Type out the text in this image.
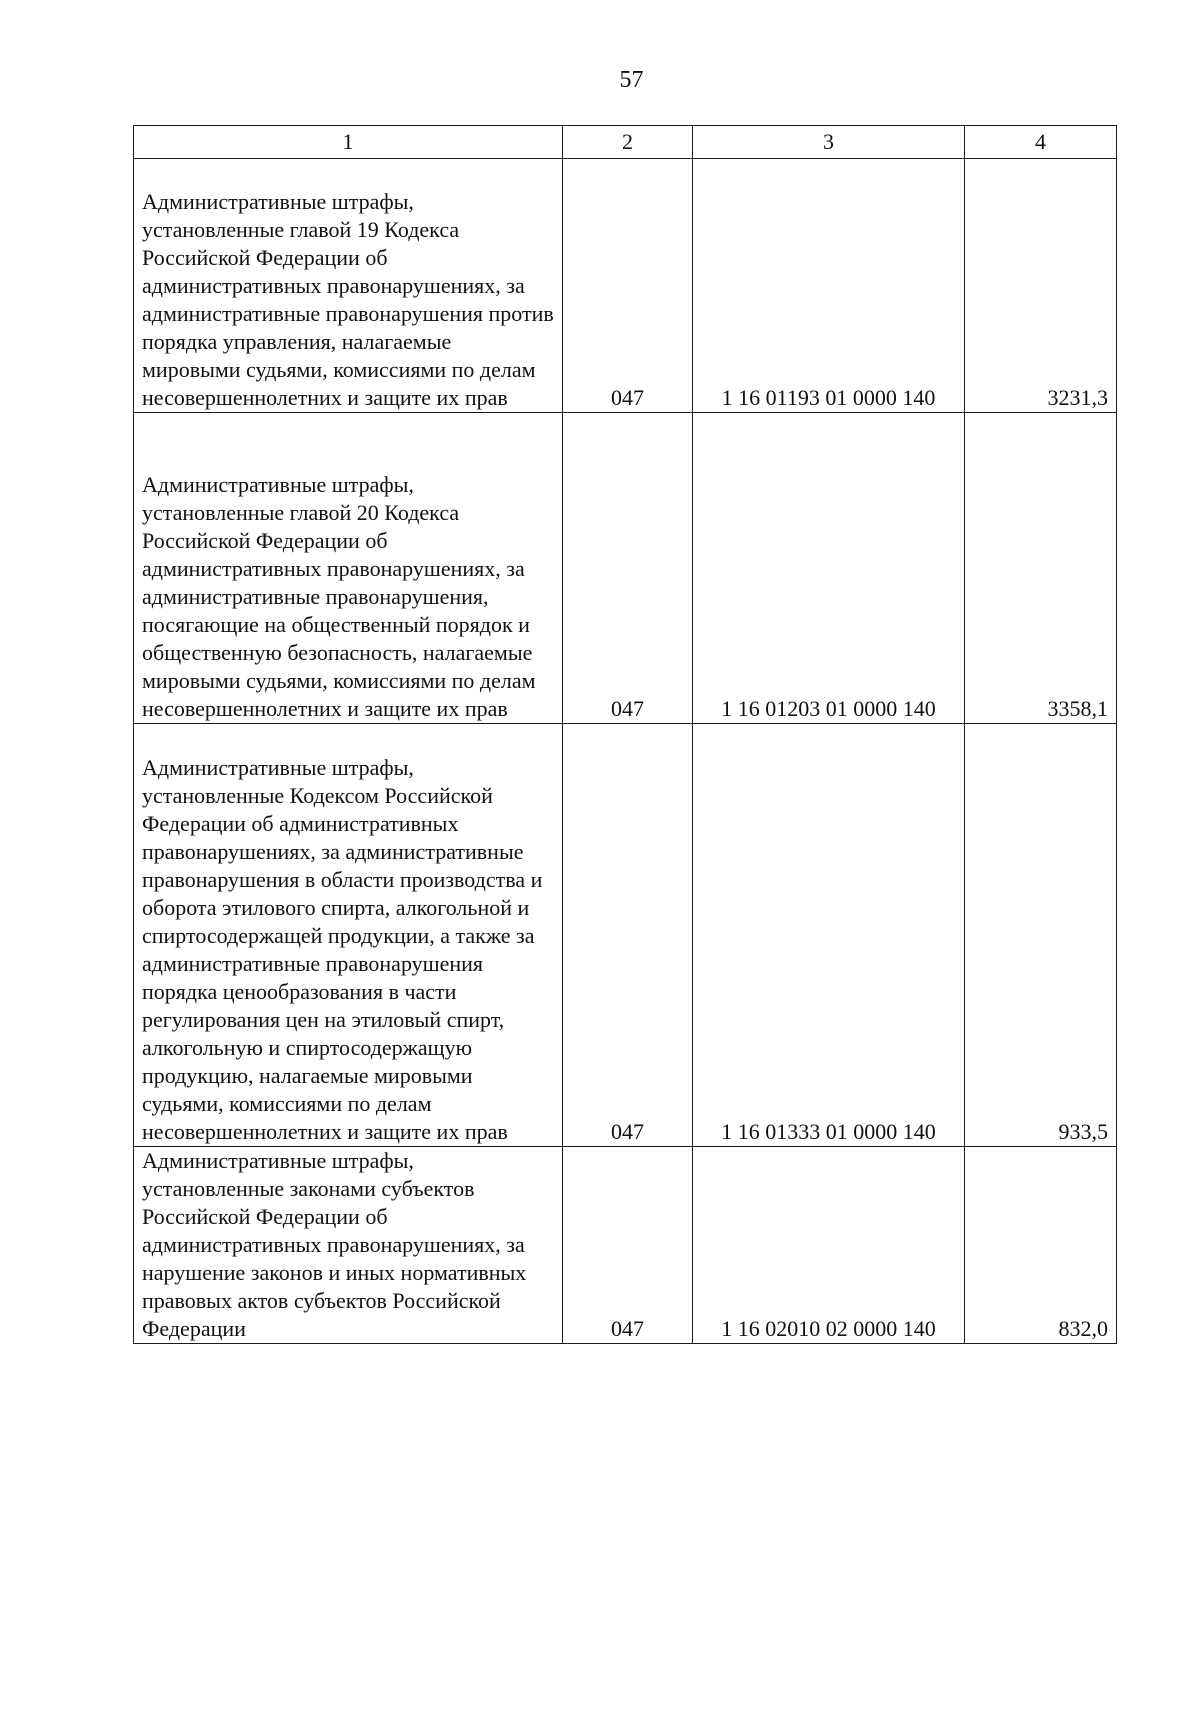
57
1	2	3	4
Административные штрафы, установленные главой 19 Кодекса Российской Федерации об административных правонарушениях, за административные правонарушения против порядка управления, налагаемые мировыми судьями, комиссиями по делам несовершеннолетних и защите их прав	047	1 16 01193 01 0000 140	3231,3
Административные штрафы, установленные главой 20 Кодекса Российской Федерации об административных правонарушениях, за административные правонарушения, посягающие на общественный порядок и общественную безопасность, налагаемые мировыми судьями, комиссиями по делам несовершеннолетних и защите их прав	047	1 16 01203 01 0000 140	3358,1
Административные штрафы, установленные Кодексом Российской Федерации об административных правонарушениях, за административные правонарушения в области производства и оборота этилового спирта, алкогольной и спиртосодержащей продукции, а также за административные правонарушения порядка ценообразования в части регулирования цен на этиловый спирт, алкогольную и спиртосодержащую продукцию, налагаемые мировыми судьями, комиссиями по делам несовершеннолетних и защите их прав	047	1 16 01333 01 0000 140	933,5
Административные штрафы, установленные законами субъектов Российской Федерации об административных правонарушениях, за нарушение законов и иных нормативных правовых актов субъектов Российской Федерации	047	1 16 02010 02 0000 140	832,0
